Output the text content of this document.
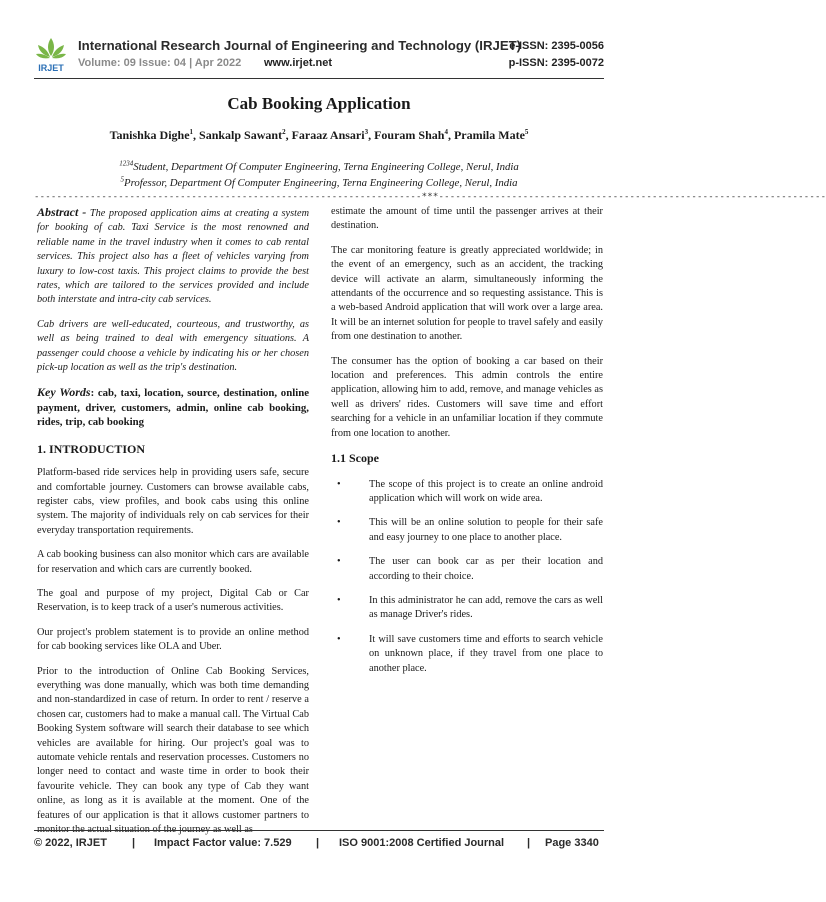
IRJET
International Research Journal of Engineering and Technology (IRJET)
e-ISSN: 2395-0056
Volume: 09 Issue: 04 | Apr 2022 www.irjet.net	p-ISSN: 2395-0072
Cab Booking Application
Tanishka Dighe$^1$, Sankalp Sawant$^2$, Faraaz Ansari$^3$, Fouram Shah$^4$, Pramila Mate$^5$
$^{1234}$Student, Department Of Computer Engineering, Terna Engineering College, Nerul, India
$^5$Professor, Department Of Computer Engineering, Terna Engineering College, Nerul, India
---------------------------------------------------------------------***---------------------------------------------------------------------

Abstract - The proposed application aims at creating a system for booking of cab. Taxi Service is the most renowned and reliable name in the travel industry when it comes to cab rental services. This project also has a fleet of vehicles varying from luxury to low-cost taxis. This project claims to provide the best rates, which are tailored to the services provided and include both interstate and intra-city cab services.

Cab drivers are well-educated, courteous, and trustworthy, as well as being trained to deal with emergency situations. A passenger could choose a vehicle by indicating his or her chosen pick-up location as well as the trip's destination.

Key Words: cab, taxi, location, source, destination, online payment, driver, customers, admin, online cab booking, rides, trip, cab booking

1. INTRODUCTION

Platform-based ride services help in providing users safe, secure and comfortable journey. Customers can browse available cabs, register cabs, view profiles, and book cabs using this online system. The majority of individuals rely on cab services for their everyday transportation requirements.

A cab booking business can also monitor which cars are available for reservation and which cars are currently booked.

The goal and purpose of my project, Digital Cab or Car Reservation, is to keep track of a user's numerous activities.

Our project's problem statement is to provide an online method for cab booking services like OLA and Uber.

Prior to the introduction of Online Cab Booking Services, everything was done manually, which was both time demanding and non-standardized in case of return. In order to rent / reserve a chosen car, customers had to make a manual call. The Virtual Cab Booking System software will search their database to see which vehicles are available for hiring. Our project's goal was to automate vehicle rentals and reservation processes. Customers no longer need to contact and waste time in order to book their favourite vehicle. They can book any type of Cab they want online, as long as it is available at the moment. One of the features of our application is that it allows customer partners to monitor the actual situation of the journey as well as

estimate the amount of time until the passenger arrives at their destination.

The car monitoring feature is greatly appreciated worldwide; in the event of an emergency, such as an accident, the tracking device will activate an alarm, simultaneously informing the attendants of the occurrence and so requesting assistance. This is a web-based Android application that will work over a large area. It will be an internet solution for people to travel safely and easily from one destination to another.

The consumer has the option of booking a car based on their location and preferences. This admin controls the entire application, allowing him to add, remove, and manage vehicles as well as drivers' rides. Customers will save time and effort searching for a vehicle in an unfamiliar location if they commute from one location to another.

1.1 Scope

•	The scope of this project is to create an online android application which will work on wide area.
•	This will be an online solution to people for their safe and easy journey to one place to another place.
•	The user can book car as per their location and according to their choice.
•	In this administrator he can add, remove the cars as well as manage Driver's rides.
•	It will save customers time and efforts to search vehicle on unknown place, if they travel from one place to another place.
© 2022, IRJET | Impact Factor value: 7.529 | ISO 9001:2008 Certified Journal | Page 3340
